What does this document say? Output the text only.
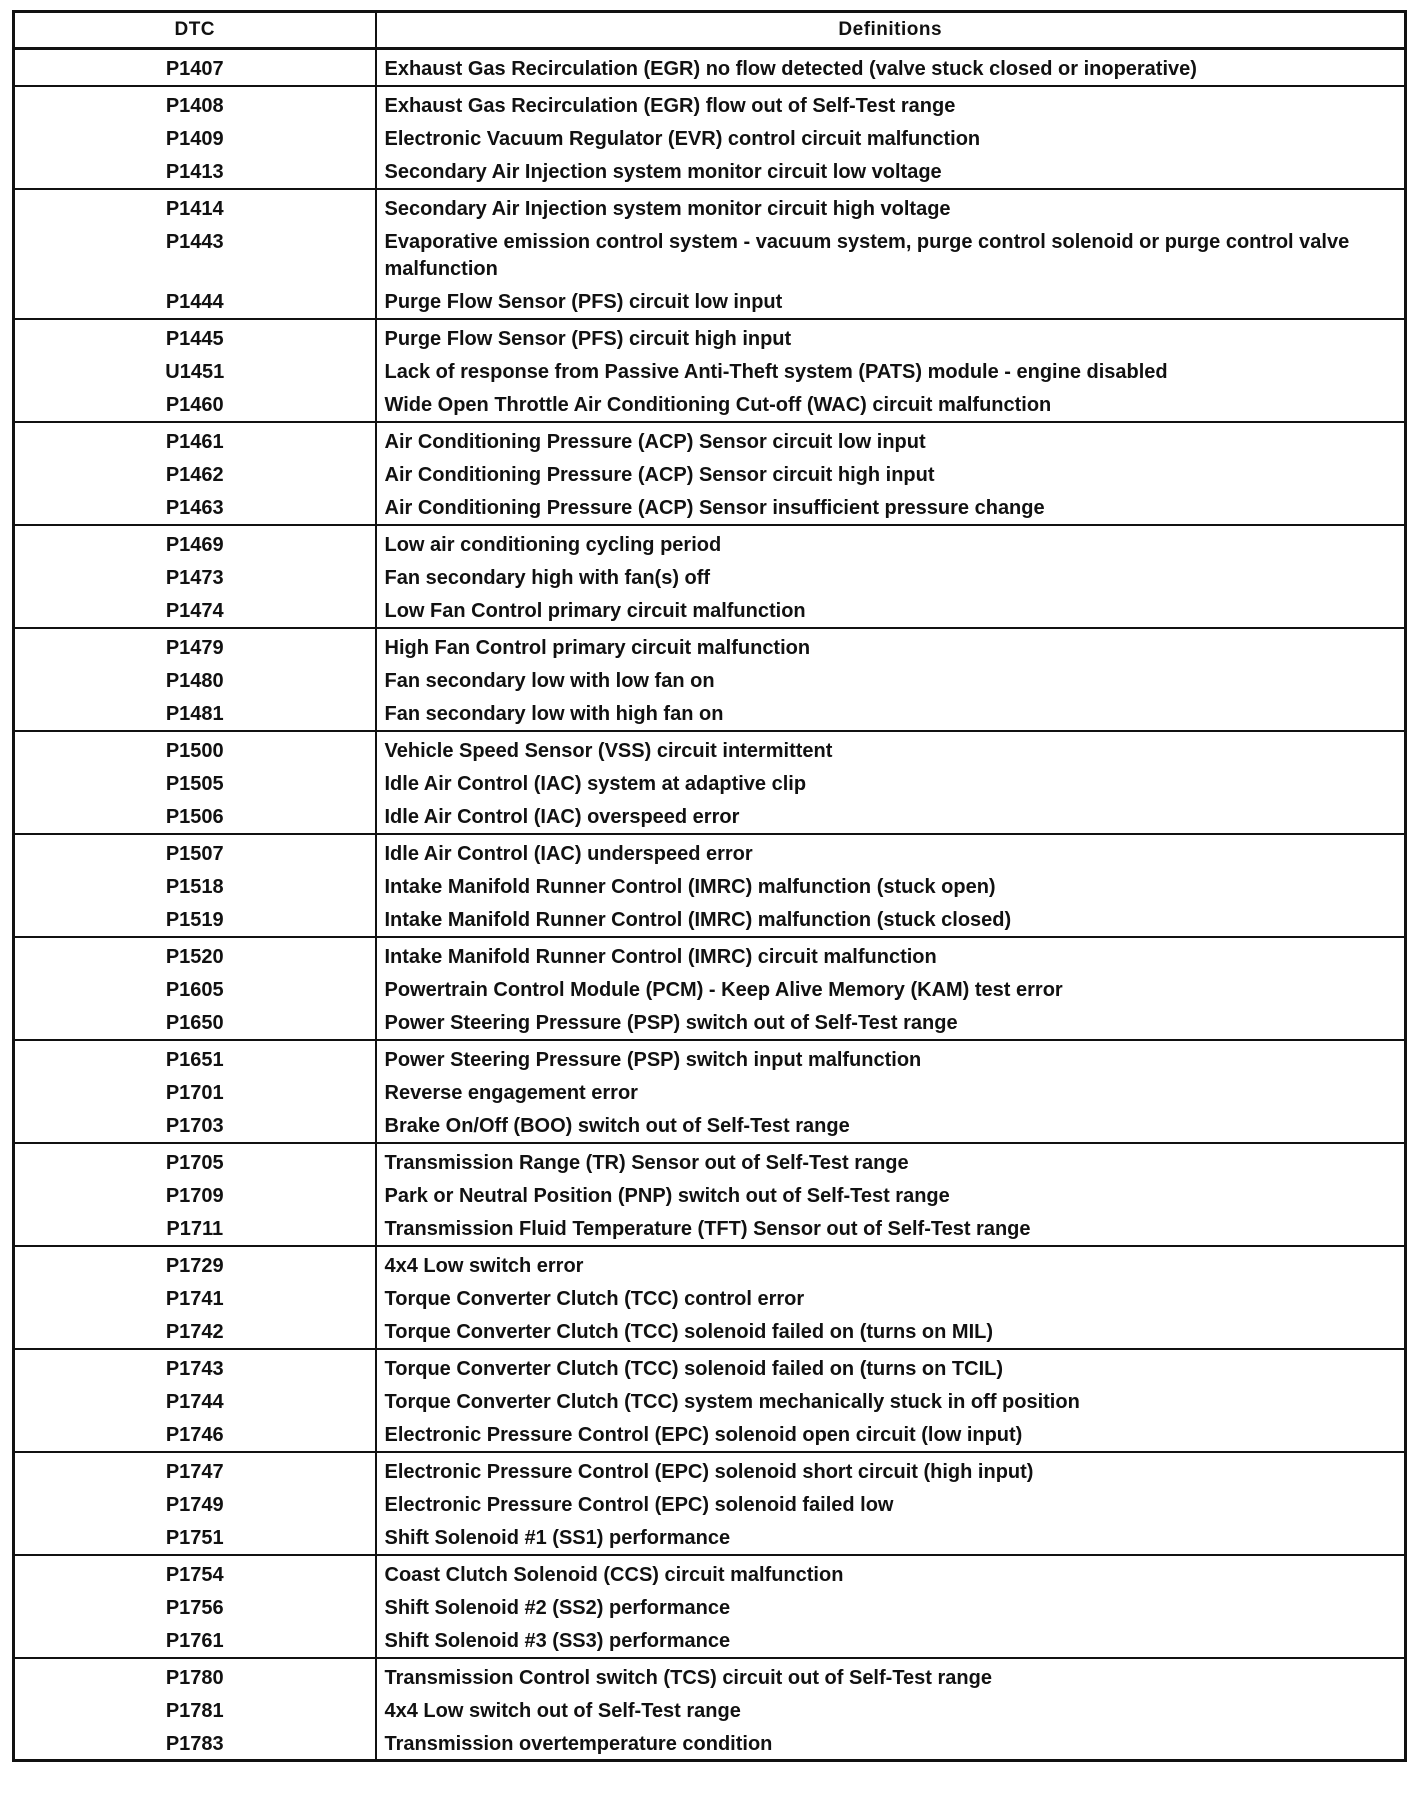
DTC	Definitions
P1407	Exhaust Gas Recirculation (EGR) no flow detected (valve stuck closed or inoperative)
P1408	Exhaust Gas Recirculation (EGR) flow out of Self-Test range
P1409	Electronic Vacuum Regulator (EVR) control circuit malfunction
P1413	Secondary Air Injection system monitor circuit low voltage
P1414	Secondary Air Injection system monitor circuit high voltage
P1443	Evaporative emission control system - vacuum system, purge control solenoid or purge control valve malfunction
P1444	Purge Flow Sensor (PFS) circuit low input
P1445	Purge Flow Sensor (PFS) circuit high input
U1451	Lack of response from Passive Anti-Theft system (PATS) module - engine disabled
P1460	Wide Open Throttle Air Conditioning Cut-off (WAC) circuit malfunction
P1461	Air Conditioning Pressure (ACP) Sensor circuit low input
P1462	Air Conditioning Pressure (ACP) Sensor circuit high input
P1463	Air Conditioning Pressure (ACP) Sensor insufficient pressure change
P1469	Low air conditioning cycling period
P1473	Fan secondary high with fan(s) off
P1474	Low Fan Control primary circuit malfunction
P1479	High Fan Control primary circuit malfunction
P1480	Fan secondary low with low fan on
P1481	Fan secondary low with high fan on
P1500	Vehicle Speed Sensor (VSS) circuit intermittent
P1505	Idle Air Control (IAC) system at adaptive clip
P1506	Idle Air Control (IAC) overspeed error
P1507	Idle Air Control (IAC) underspeed error
P1518	Intake Manifold Runner Control (IMRC) malfunction (stuck open)
P1519	Intake Manifold Runner Control (IMRC) malfunction (stuck closed)
P1520	Intake Manifold Runner Control (IMRC) circuit malfunction
P1605	Powertrain Control Module (PCM) - Keep Alive Memory (KAM) test error
P1650	Power Steering Pressure (PSP) switch out of Self-Test range
P1651	Power Steering Pressure (PSP) switch input malfunction
P1701	Reverse engagement error
P1703	Brake On/Off (BOO) switch out of Self-Test range
P1705	Transmission Range (TR) Sensor out of Self-Test range
P1709	Park or Neutral Position (PNP) switch out of Self-Test range
P1711	Transmission Fluid Temperature (TFT) Sensor out of Self-Test range
P1729	4x4 Low switch error
P1741	Torque Converter Clutch (TCC) control error
P1742	Torque Converter Clutch (TCC) solenoid failed on (turns on MIL)
P1743	Torque Converter Clutch (TCC) solenoid failed on (turns on TCIL)
P1744	Torque Converter Clutch (TCC) system mechanically stuck in off position
P1746	Electronic Pressure Control (EPC) solenoid open circuit (low input)
P1747	Electronic Pressure Control (EPC) solenoid short circuit (high input)
P1749	Electronic Pressure Control (EPC) solenoid failed low
P1751	Shift Solenoid #1 (SS1) performance
P1754	Coast Clutch Solenoid (CCS) circuit malfunction
P1756	Shift Solenoid #2 (SS2) performance
P1761	Shift Solenoid #3 (SS3) performance
P1780	Transmission Control switch (TCS) circuit out of Self-Test range
P1781	4x4 Low switch out of Self-Test range
P1783	Transmission overtemperature condition
